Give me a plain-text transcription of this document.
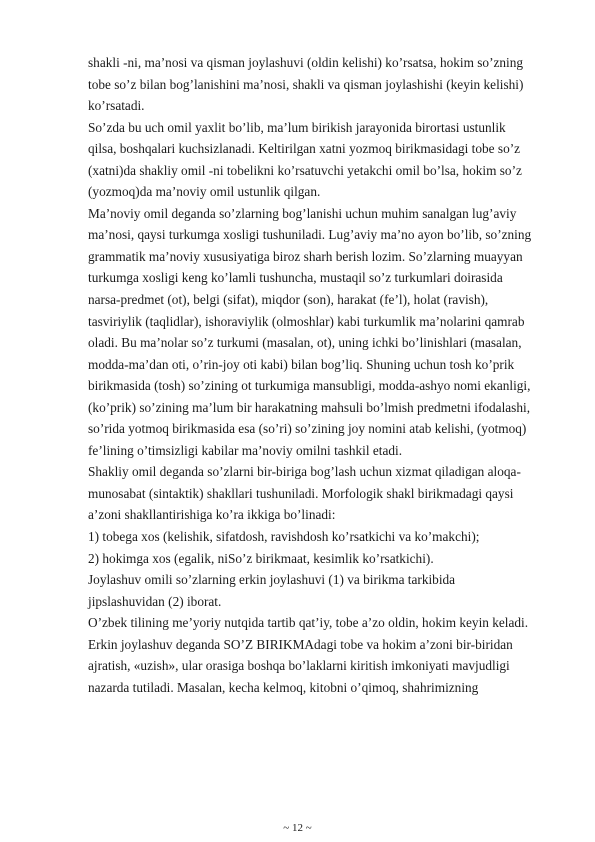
shakli -ni, ma’nosi va qisman joylashuvi (oldin kelishi) ko’rsatsa, hokim so’zning
tobe so’z bilan bog’lanishini ma’nosi, shakli va qisman joylashishi (keyin kelishi)
ko’rsatadi.
So’zda bu uch omil yaxlit bo’lib, ma’lum birikish jarayonida birortasi ustunlik
qilsa, boshqalari kuchsizlanadi. Keltirilgan xatni yozmoq birikmasidagi tobe so’z
(xatni)da shakliy omil -ni tobelikni ko’rsatuvchi yetakchi omil bo’lsa, hokim so’z
(yozmoq)da ma’noviy omil ustunlik qilgan.
Ma’noviy omil deganda so’zlarning bog’lanishi uchun muhim sanalgan lug’aviy
ma’nosi, qaysi turkumga xosligi tushuniladi. Lug’aviy ma’no ayon bo’lib, so’zning
grammatik ma’noviy xususiyatiga biroz sharh berish lozim. So’zlarning muayyan
turkumga xosligi keng ko’lamli tushuncha, mustaqil so’z turkumlari doirasida
narsa-predmet (ot), belgi (sifat), miqdor (son), harakat (fe’l), holat (ravish),
tasviriylik (taqlidlar), ishoraviylik (olmoshlar) kabi turkumlik ma’nolarini qamrab
oladi. Bu ma’nolar so’z turkumi (masalan, ot), uning ichki bo’linishlari (masalan,
modda-ma’dan oti, o’rin-joy oti kabi) bilan bog’liq. Shuning uchun tosh ko’prik
birikmasida (tosh) so’zining ot turkumiga mansubligi, modda-ashyo nomi ekanligi,
(ko’prik) so’zining ma’lum bir harakatning mahsuli bo’lmish predmetni ifodalashi,
so’rida yotmoq birikmasida esa (so’ri) so’zining joy nomini atab kelishi, (yotmoq)
fe’lining o’timsizligi kabilar ma’noviy omilni tashkil etadi.
Shakliy omil deganda so’zlarni bir-biriga bog’lash uchun xizmat qiladigan aloqa-
munosabat (sintaktik) shakllari tushuniladi. Morfologik shakl birikmadagi qaysi
a’zoni shakllantirishiga ko’ra ikkiga bo’linadi:
1) tobega xos (kelishik, sifatdosh, ravishdosh ko’rsatkichi va ko’makchi);
2) hokimga xos (egalik, niSo’z birikmaat, kesimlik ko’rsatkichi).
Joylashuv omili so’zlarning erkin joylashuvi (1) va birikma tarkibida
jipslashuvidan (2) iborat.
O’zbek tilining me’yoriy nutqida tartib qat’iy, tobe a’zo oldin, hokim keyin keladi.
Erkin joylashuv deganda SO’Z BIRIKMAdagi tobe va hokim a’zoni bir-biridan
ajratish, «uzish», ular orasiga boshqa bo’laklarni kiritish imkoniyati mavjudligi
nazarda tutiladi. Masalan, kecha kelmoq, kitobni o’qimoq, shahrimizning
~ 12 ~
